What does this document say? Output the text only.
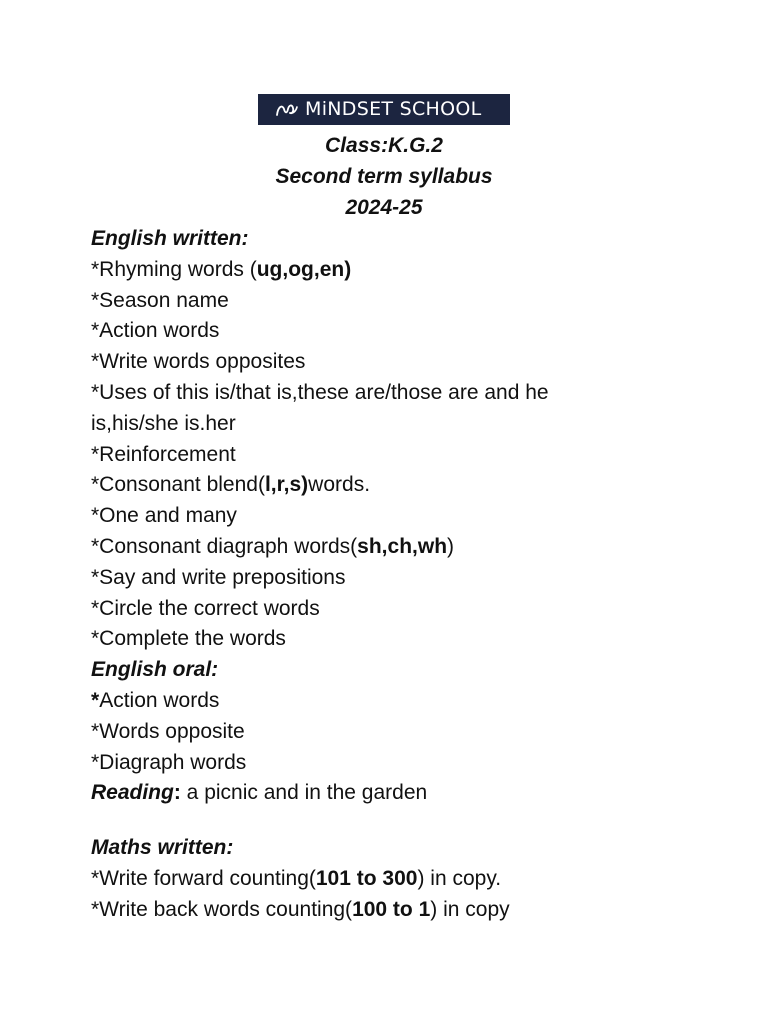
MiNDSET SCHOOL
Class:K.G.2
Second term syllabus
2024-25
English written:
*Rhyming words (ug,og,en)
*Season name
*Action words
*Write words opposites
*Uses of this is/that is,these are/those are and he is,his/she is.her
*Reinforcement
*Consonant blend(l,r,s)words.
*One and many
*Consonant diagraph words(sh,ch,wh)
*Say and write prepositions
*Circle the correct words
*Complete the words
English oral:
*Action words
*Words opposite
*Diagraph words
Reading: a picnic and in the garden
Maths written:
*Write forward counting(101 to 300) in copy.
*Write back words counting(100 to 1) in copy
